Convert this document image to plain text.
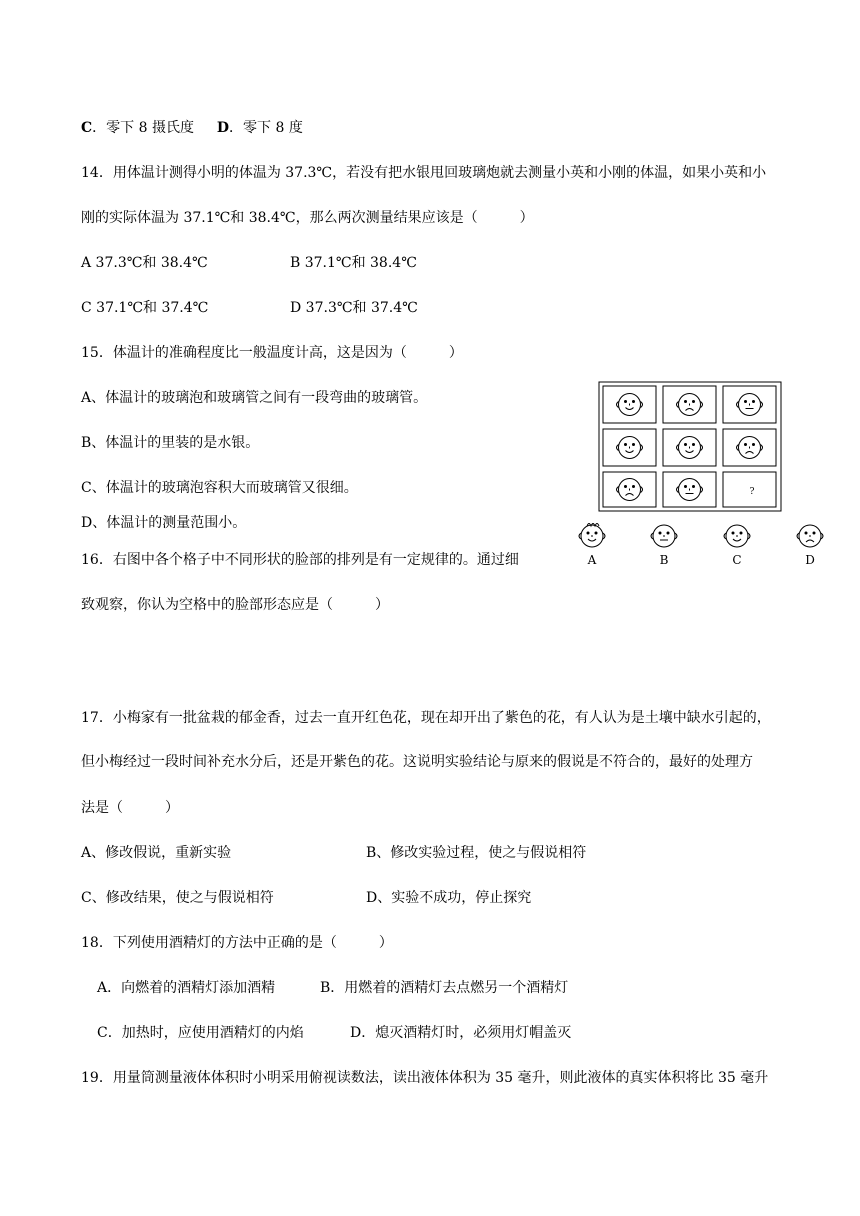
C．零下 8 摄氏度 D．零下 8 度
14．用体温计测得小明的体温为 37.3℃，若没有把水银甩回玻璃炮就去测量小英和小刚的体温，如果小英和小
刚的实际体温为 37.1℃和 38.4℃，那么两次测量结果应该是（　　　）
A 37.3℃和 38.4℃	B 37.1℃和 38.4℃
C 37.1℃和 37.4℃	D 37.3℃和 37.4℃
15．体温计的准确程度比一般温度计高，这是因为（　　　）
A、体温计的玻璃泡和玻璃管之间有一段弯曲的玻璃管。
B、体温计的里装的是水银。
C、体温计的玻璃泡容积大而玻璃管又很细。
D、体温计的测量范围小。
16．右图中各个格子中不同形状的脸部的排列是有一定规律的。通过细
致观察，你认为空格中的脸部形态应是（　　　）
?
A	B	C	D
17．小梅家有一批盆栽的郁金香，过去一直开红色花，现在却开出了紫色的花，有人认为是土壤中缺水引起的，
但小梅经过一段时间补充水分后，还是开紫色的花。这说明实验结论与原来的假说是不符合的，最好的处理方
法是（　　　）
A、修改假说，重新实验	B、修改实验过程，使之与假说相符
C、修改结果，使之与假说相符	D、实验不成功，停止探究
18．下列使用酒精灯的方法中正确的是（　　　）
A．向燃着的酒精灯添加酒精	B．用燃着的酒精灯去点燃另一个酒精灯
C．加热时，应使用酒精灯的内焰	D．熄灭酒精灯时，必须用灯帽盖灭
19．用量筒测量液体体积时小明采用俯视读数法，读出液体体积为 35 毫升，则此液体的真实体积将比 35 毫升
